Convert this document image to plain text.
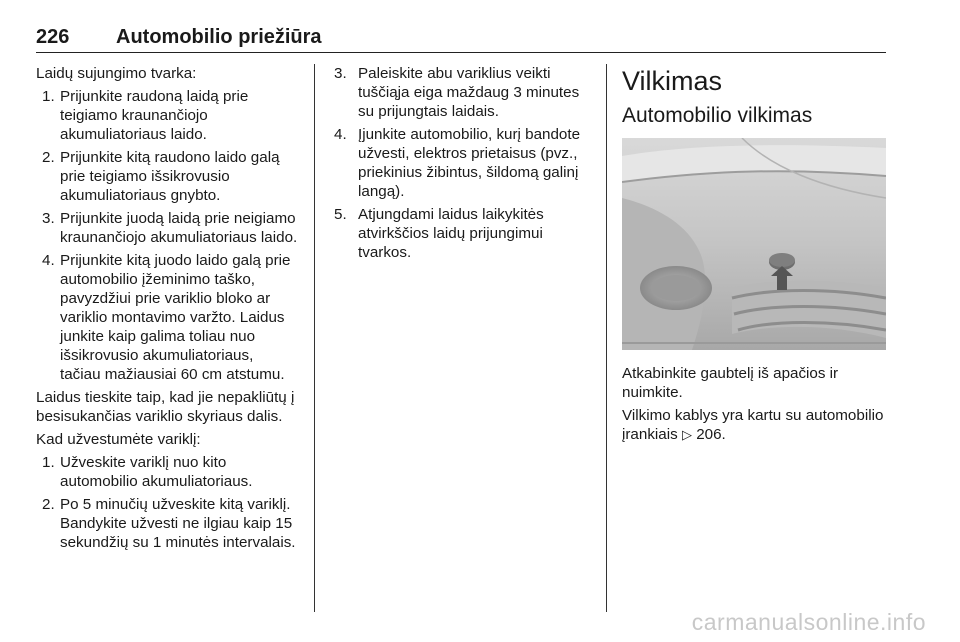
226 Automobilio priežiūra

Laidų sujungimo tvarka:

1. Prijunkite raudoną laidą prie teigiamo kraunančiojo akumuliatoriaus laido.
2. Prijunkite kitą raudono laido galą prie teigiamo išsikrovusio akumuliatoriaus gnybto.
3. Prijunkite juodą laidą prie neigiamo kraunančiojo akumuliatoriaus laido.
4. Prijunkite kitą juodo laido galą prie automobilio įžeminimo taško, pavyzdžiui prie variklio bloko ar variklio montavimo varžto. Laidus junkite kaip galima toliau nuo išsikrovusio akumuliatoriaus, tačiau mažiausiai 60 cm atstumu.

Laidus tieskite taip, kad jie nepakliūtų į besisukančias variklio skyriaus dalis.

Kad užvestumėte variklį:

1. Užveskite variklį nuo kito automobilio akumuliatoriaus.
2. Po 5 minučių užveskite kitą variklį. Bandykite užvesti ne ilgiau kaip 15 sekundžių su 1 minutės intervalais.
3. Paleiskite abu variklius veikti tuščiąja eiga maždaug 3 minutes su prijungtais laidais.
4. Įjunkite automobilio, kurį bandote užvesti, elektros prietaisus (pvz., priekinius žibintus, šildomą galinį langą).
5. Atjungdami laidus laikykitės atvirkščios laidų prijungimui tvarkos.
Vilkimas
Automobilio vilkimas

Atkabinkite gaubtelį iš apačios ir nuimkite.

Vilkimo kablys yra kartu su automobilio įrankiais ▷ 206.

carmanualsonline.info
